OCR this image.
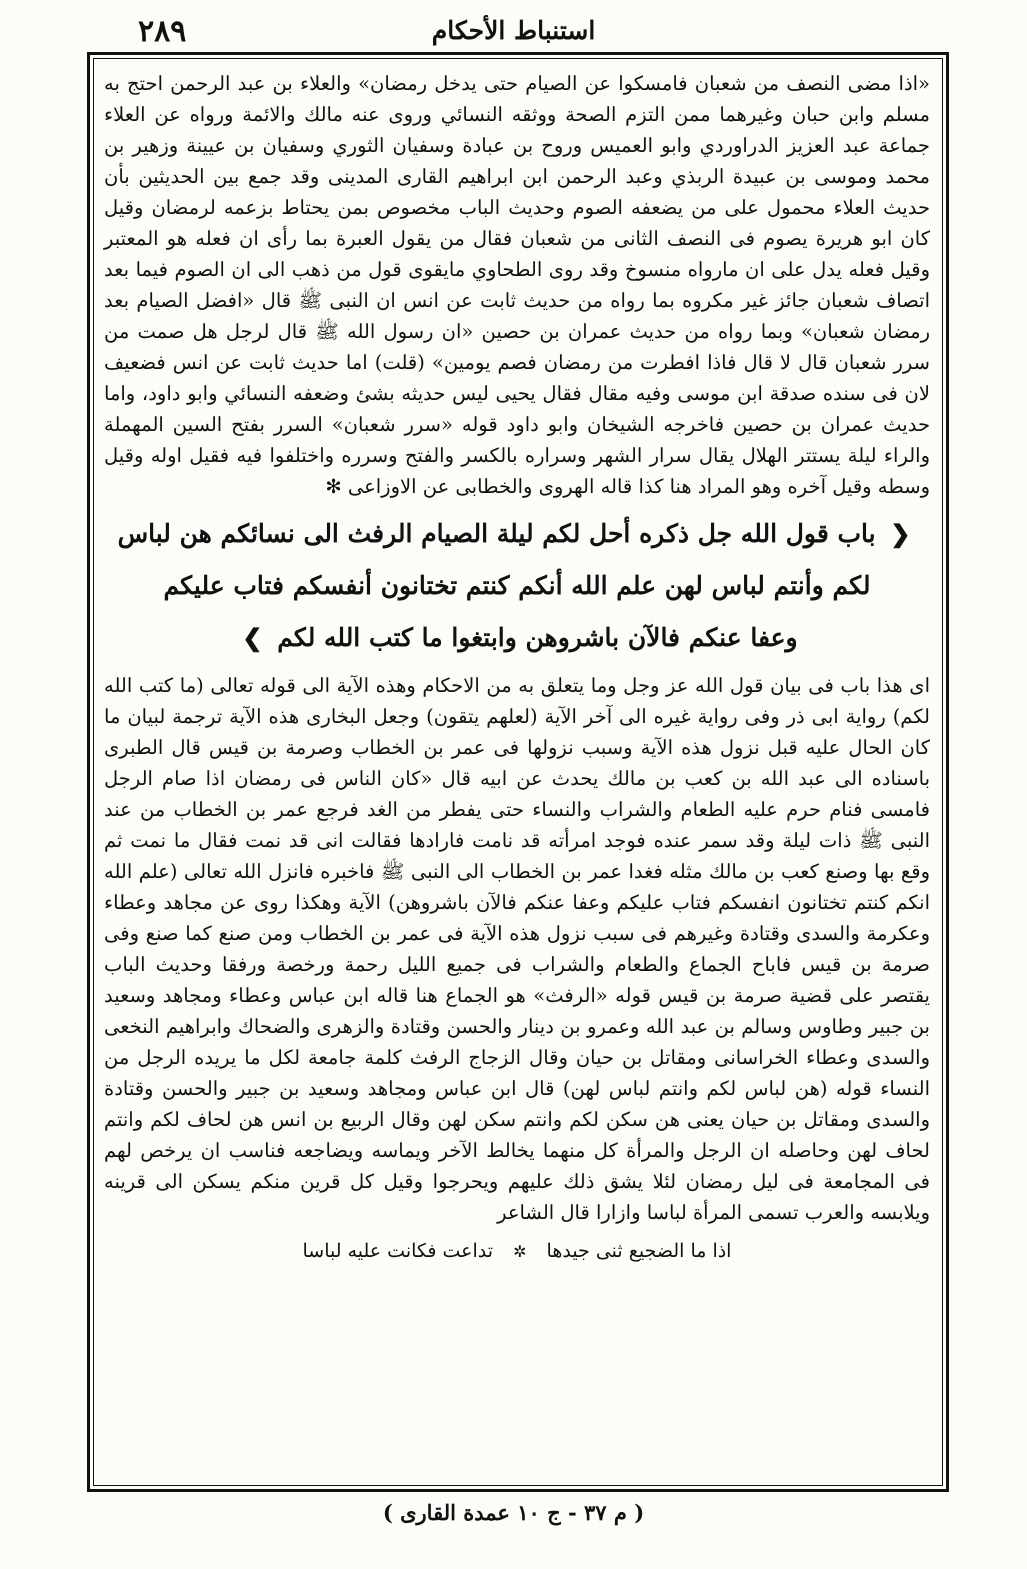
٢٨٩	استنباط الأحكام

«اذا مضى النصف من شعبان فامسكوا عن الصيام حتى يدخل رمضان» والعلاء بن عبد الرحمن احتج به مسلم وابن حبان وغيرهما ممن التزم الصحة ووثقه النسائي وروى عنه مالك والائمة ورواه عن العلاء جماعة عبد العزيز الدراوردي وابو العميس وروح بن عبادة وسفيان الثوري وسفيان بن عيينة وزهير بن محمد وموسى بن عبيدة الربذي وعبد الرحمن ابن ابراهيم القارى المدينى وقد جمع بين الحديثين بأن حديث العلاء محمول على من يضعفه الصوم وحديث الباب مخصوص بمن يحتاط بزعمه لرمضان وقيل كان ابو هريرة يصوم فى النصف الثانى من شعبان فقال من يقول العبرة بما رأى ان فعله هو المعتبر وقيل فعله يدل على ان مارواه منسوخ وقد روى الطحاوي مايقوى قول من ذهب الى ان الصوم فيما بعد اتصاف شعبان جائز غير مكروه بما رواه من حديث ثابت عن انس ان النبى ﷺ قال «افضل الصيام بعد رمضان شعبان» وبما رواه من حديث عمران بن حصين «ان رسول الله ﷺ قال لرجل هل صمت من سرر شعبان قال لا قال فاذا افطرت من رمضان فصم يومين» (قلت) اما حديث ثابت عن انس فضعيف لان فى سنده صدقة ابن موسى وفيه مقال فقال يحيى ليس حديثه بشئ وضعفه النسائي وابو داود، واما حديث عمران بن حصين فاخرجه الشيخان وابو داود قوله «سرر شعبان» السرر بفتح السين المهملة والراء ليلة يستتر الهلال يقال سرار الشهر وسراره بالكسر والفتح وسرره واختلفوا فيه فقيل اوله وقيل وسطه وقيل آخره وهو المراد هنا كذا قاله الهروى والخطابى عن الاوزاعى ✻

❮ باب قول الله جل ذكره أحل لكم ليلة الصيام الرفث الى نسائكم هن لباس
لكم وأنتم لباس لهن علم الله أنكم كنتم تختانون أنفسكم فتاب عليكم
وعفا عنكم فالآن باشروهن وابتغوا ما كتب الله لكم ❯

اى هذا باب فى بيان قول الله عز وجل وما يتعلق به من الاحكام وهذه الآية الى قوله تعالى (ما كتب الله لكم) رواية ابى ذر وفى رواية غيره الى آخر الآية (لعلهم يتقون) وجعل البخارى هذه الآية ترجمة لبيان ما كان الحال عليه قبل نزول هذه الآية وسبب نزولها فى عمر بن الخطاب وصرمة بن قيس قال الطبرى باسناده الى عبد الله بن كعب بن مالك يحدث عن ابيه قال «كان الناس فى رمضان اذا صام الرجل فامسى فنام حرم عليه الطعام والشراب والنساء حتى يفطر من الغد فرجع عمر بن الخطاب من عند النبى ﷺ ذات ليلة وقد سمر عنده فوجد امرأته قد نامت فارادها فقالت انى قد نمت فقال ما نمت ثم وقع بها وصنع كعب بن مالك مثله فغدا عمر بن الخطاب الى النبى ﷺ فاخبره فانزل الله تعالى (علم الله انكم كنتم تختانون انفسكم فتاب عليكم وعفا عنكم فالآن باشروهن) الآية وهكذا روى عن مجاهد وعطاء وعكرمة والسدى وقتادة وغيرهم فى سبب نزول هذه الآية فى عمر بن الخطاب ومن صنع كما صنع وفى صرمة بن قيس فاباح الجماع والطعام والشراب فى جميع الليل رحمة ورخصة ورفقا وحديث الباب يقتصر على قضية صرمة بن قيس قوله «الرفث» هو الجماع هنا قاله ابن عباس وعطاء ومجاهد وسعيد بن جبير وطاوس وسالم بن عبد الله وعمرو بن دينار والحسن وقتادة والزهرى والضحاك وابراهيم النخعى والسدى وعطاء الخراسانى ومقاتل بن حيان وقال الزجاج الرفث كلمة جامعة لكل ما يريده الرجل من النساء قوله (هن لباس لكم وانتم لباس لهن) قال ابن عباس ومجاهد وسعيد بن جبير والحسن وقتادة والسدى ومقاتل بن حيان يعنى هن سكن لكم وانتم سكن لهن وقال الربيع بن انس هن لحاف لكم وانتم لحاف لهن وحاصله ان الرجل والمرأة كل منهما يخالط الآخر ويماسه ويضاجعه فناسب ان يرخص لهم فى المجامعة فى ليل رمضان لئلا يشق ذلك عليهم ويحرجوا وقيل كل قرين منكم يسكن الى قرينه ويلابسه والعرب تسمى المرأة لباسا وازارا قال الشاعر

اذا ما الضجيع ثنى جيدها ✲ تداعت فكانت عليه لباسا
( م ٣٧ - ج ١٠ عمدة القارى )
